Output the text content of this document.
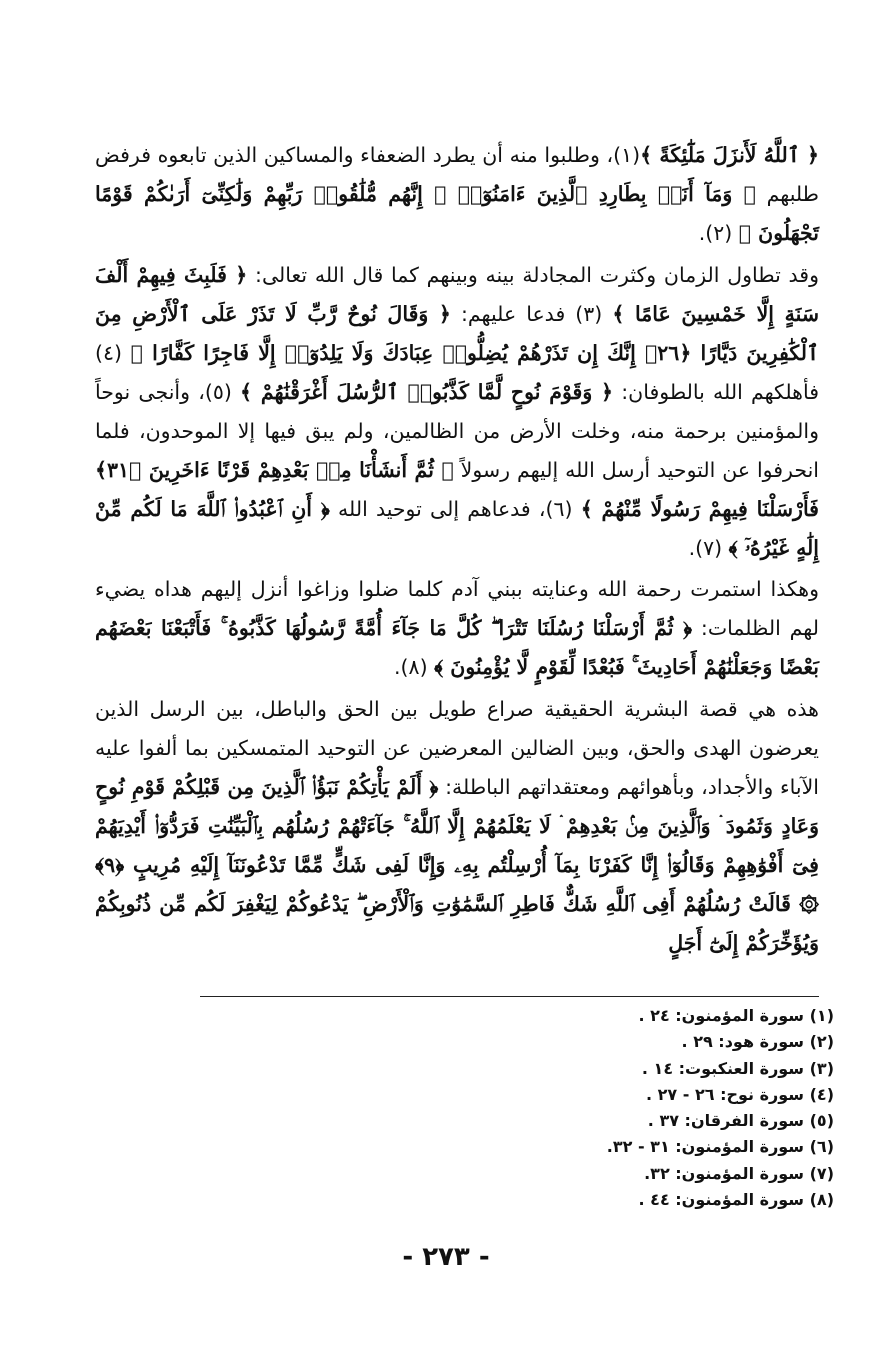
﴿ ٱللَّهُ لَأَنزَلَ مَلَٰٓئِكَةً ﴾(١)، وطلبوا منه أن يطرد الضعفاء والمساكين الذين تابعوه فرفض طلبهم ﴿ وَمَآ أَنَا۠ بِطَارِدِ ٱلَّذِينَ ءَامَنُوٓا۟ ۚ إِنَّهُم مُّلَٰقُوا۟ رَبِّهِمْ وَلَٰكِنِّىٓ أَرَىٰكُمْ قَوْمًا تَجْهَلُونَ ﴾ (٢).

وقد تطاول الزمان وكثرت المجادلة بينه وبينهم كما قال الله تعالى: ﴿ فَلَبِثَ فِيهِمْ أَلْفَ سَنَةٍ إِلَّا خَمْسِينَ عَامًا ﴾ (٣) فدعا عليهم: ﴿ وَقَالَ نُوحٌ رَّبِّ لَا تَذَرْ عَلَى ٱلْأَرْضِ مِنَ ٱلْكَٰفِرِينَ دَيَّارًا ﴿٢٦﴾ إِنَّكَ إِن تَذَرْهُمْ يُضِلُّوا۟ عِبَادَكَ وَلَا يَلِدُوٓا۟ إِلَّا فَاجِرًا كَفَّارًا ﴾ (٤) فأهلكهم الله بالطوفان: ﴿ وَقَوْمَ نُوحٍ لَّمَّا كَذَّبُوا۟ ٱلرُّسُلَ أَغْرَقْنَٰهُمْ ﴾ (٥)، وأنجى نوحاً والمؤمنين برحمة منه، وخلت الأرض من الظالمين، ولم يبق فيها إلا الموحدون، فلما انحرفوا عن التوحيد أرسل الله إليهم رسولاً ﴿ ثُمَّ أَنشَأْنَا مِنۢ بَعْدِهِمْ قَرْنًا ءَاخَرِينَ ﴿٣١﴾ فَأَرْسَلْنَا فِيهِمْ رَسُولًا مِّنْهُمْ ﴾ (٦)، فدعاهم إلى توحيد الله ﴿ أَنِ ٱعْبُدُوا۟ ٱللَّهَ مَا لَكُم مِّنْ إِلَٰهٍ غَيْرُهُۥٓ ﴾ (٧).

وهكذا استمرت رحمة الله وعنايته ببني آدم كلما ضلوا وزاغوا أنزل إليهم هداه يضيء لهم الظلمات: ﴿ ثُمَّ أَرْسَلْنَا رُسُلَنَا تَتْرَا ۖ كُلَّ مَا جَآءَ أُمَّةً رَّسُولُهَا كَذَّبُوهُ ۚ فَأَتْبَعْنَا بَعْضَهُم بَعْضًا وَجَعَلْنَٰهُمْ أَحَادِيثَ ۚ فَبُعْدًا لِّقَوْمٍ لَّا يُؤْمِنُونَ ﴾ (٨).

هذه هي قصة البشرية الحقيقية صراع طويل بين الحق والباطل، بين الرسل الذين يعرضون الهدى والحق، وبين الضالين المعرضين عن التوحيد المتمسكين بما ألفوا عليه الآباء والأجداد، وبأهوائهم ومعتقداتهم الباطلة: ﴿ أَلَمْ يَأْتِكُمْ نَبَؤُا۟ ٱلَّذِينَ مِن قَبْلِكُمْ قَوْمِ نُوحٍ وَعَادٍ وَثَمُودَ ۛ وَٱلَّذِينَ مِنۢ بَعْدِهِمْ ۛ لَا يَعْلَمُهُمْ إِلَّا ٱللَّهُ ۚ جَآءَتْهُمْ رُسُلُهُم بِٱلْبَيِّنَٰتِ فَرَدُّوٓا۟ أَيْدِيَهُمْ فِىٓ أَفْوَٰهِهِمْ وَقَالُوٓا۟ إِنَّا كَفَرْنَا بِمَآ أُرْسِلْتُم بِهِۦ وَإِنَّا لَفِى شَكٍّ مِّمَّا تَدْعُونَنَآ إِلَيْهِ مُرِيبٍ ﴿٩﴾ ۞ قَالَتْ رُسُلُهُمْ أَفِى ٱللَّهِ شَكٌّ فَاطِرِ ٱلسَّمَٰوَٰتِ وَٱلْأَرْضِ ۖ يَدْعُوكُمْ لِيَغْفِرَ لَكُم مِّن ذُنُوبِكُمْ وَيُؤَخِّرَكُمْ إِلَىٰٓ أَجَلٍ

(١) سورة المؤمنون: ٢٤ .
(٢) سورة هود: ٢٩ .
(٣) سورة العنكبوت: ١٤ .
(٤) سورة نوح: ٢٦ - ٢٧ .
(٥) سورة الفرقان: ٣٧ .
(٦) سورة المؤمنون: ٣١ - ٣٢.
(٧) سورة المؤمنون: ٣٢.
(٨) سورة المؤمنون: ٤٤ .
- ٢٧٣ -
